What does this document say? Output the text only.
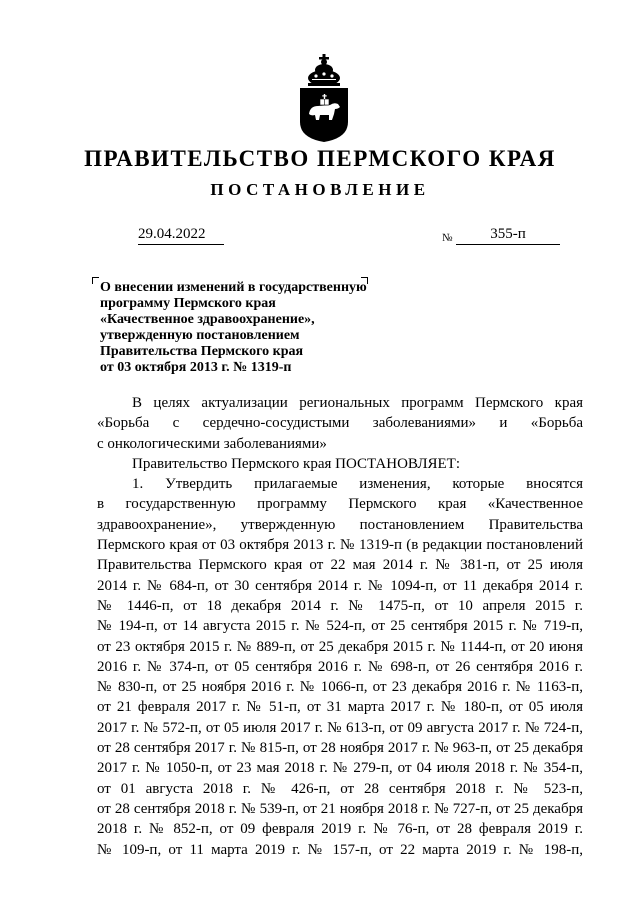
ПРАВИТЕЛЬСТВО ПЕРМСКОГО КРАЯ
ПОСТАНОВЛЕНИЕ
29.04.2022	№	355-п
О внесении изменений в государственную
программу Пермского края
«Качественное здравоохранение»,
утвержденную постановлением
Правительства Пермского края
от 03 октября 2013 г. № 1319-п

В целях актуализации региональных программ Пермского края
«Борьба с сердечно-сосудистыми заболеваниями» и «Борьба
с онкологическими заболеваниями»

Правительство Пермского края ПОСТАНОВЛЯЕТ:

1. Утвердить прилагаемые изменения, которые вносятся
в государственную программу Пермского края «Качественное
здравоохранение», утвержденную постановлением Правительства
Пермского края от 03 октября 2013 г. № 1319-п (в редакции постановлений
Правительства Пермского края от 22 мая 2014 г. № 381-п, от 25 июля
2014 г. № 684-п, от 30 сентября 2014 г. № 1094-п, от 11 декабря 2014 г.
№ 1446-п, от 18 декабря 2014 г. № 1475-п, от 10 апреля 2015 г.
№ 194-п, от 14 августа 2015 г. № 524-п, от 25 сентября 2015 г. № 719-п,
от 23 октября 2015 г. № 889-п, от 25 декабря 2015 г. № 1144-п, от 20 июня
2016 г. № 374-п, от 05 сентября 2016 г. № 698-п, от 26 сентября 2016 г.
№ 830-п, от 25 ноября 2016 г. № 1066-п, от 23 декабря 2016 г. № 1163-п,
от 21 февраля 2017 г. № 51-п, от 31 марта 2017 г. № 180-п, от 05 июля
2017 г. № 572-п, от 05 июля 2017 г. № 613-п, от 09 августа 2017 г. № 724-п,
от 28 сентября 2017 г. № 815-п, от 28 ноября 2017 г. № 963-п, от 25 декабря
2017 г. № 1050-п, от 23 мая 2018 г. № 279-п, от 04 июля 2018 г. № 354-п,
от 01 августа 2018 г. № 426-п, от 28 сентября 2018 г. № 523-п,
от 28 сентября 2018 г. № 539-п, от 21 ноября 2018 г. № 727-п, от 25 декабря
2018 г. № 852-п, от 09 февраля 2019 г. № 76-п, от 28 февраля 2019 г.
№ 109-п, от 11 марта 2019 г. № 157-п, от 22 марта 2019 г. № 198-п,
